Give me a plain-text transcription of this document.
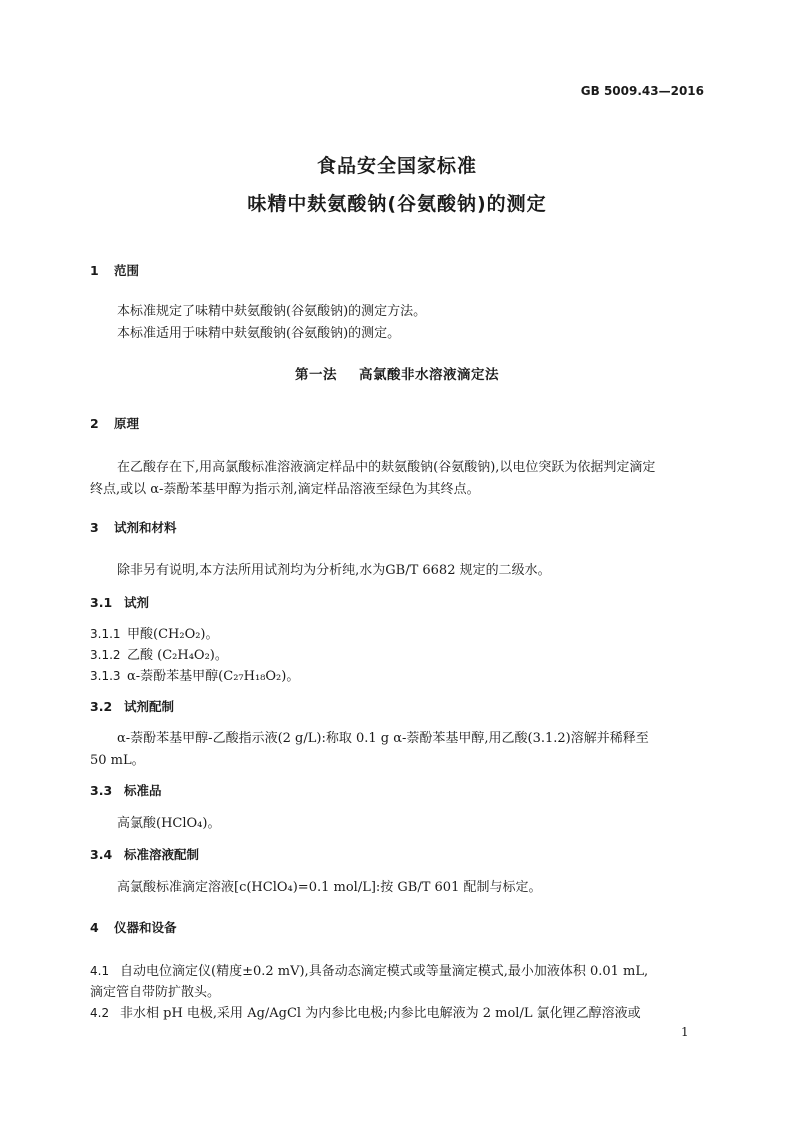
GB 5009.43—2016
食品安全国家标准
味精中麸氨酸钠(谷氨酸钠)的测定
1 范围
本标准规定了味精中麸氨酸钠(谷氨酸钠)的测定方法。
本标准适用于味精中麸氨酸钠(谷氨酸钠)的测定。
第一法 高氯酸非水溶液滴定法
2 原理
在乙酸存在下,用高氯酸标准溶液滴定样品中的麸氨酸钠(谷氨酸钠),以电位突跃为依据判定滴定
终点,或以 α-萘酚苯基甲醇为指示剂,滴定样品溶液至绿色为其终点。
3 试剂和材料
除非另有说明,本方法所用试剂均为分析纯,水为GB/T 6682 规定的二级水。
3.1 试剂
3.1.1 甲酸(CH₂O₂)。
3.1.2 乙酸 (C₂H₄O₂)。
3.1.3 α-萘酚苯基甲醇(C₂₇H₁₈O₂)。
3.2 试剂配制
α-萘酚苯基甲醇-乙酸指示液(2 g/L):称取 0.1 g α-萘酚苯基甲醇,用乙酸(3.1.2)溶解并稀释至
50 mL。
3.3 标准品
高氯酸(HClO₄)。
3.4 标准溶液配制
高氯酸标准滴定溶液[c(HClO₄)=0.1 mol/L]:按 GB/T 601 配制与标定。
4 仪器和设备
4.1 自动电位滴定仪(精度±0.2 mV),具备动态滴定模式或等量滴定模式,最小加液体积 0.01 mL,
滴定管自带防扩散头。
4.2 非水相 pH 电极,采用 Ag/AgCl 为内参比电极;内参比电解液为 2 mol/L 氯化锂乙醇溶液或
1
